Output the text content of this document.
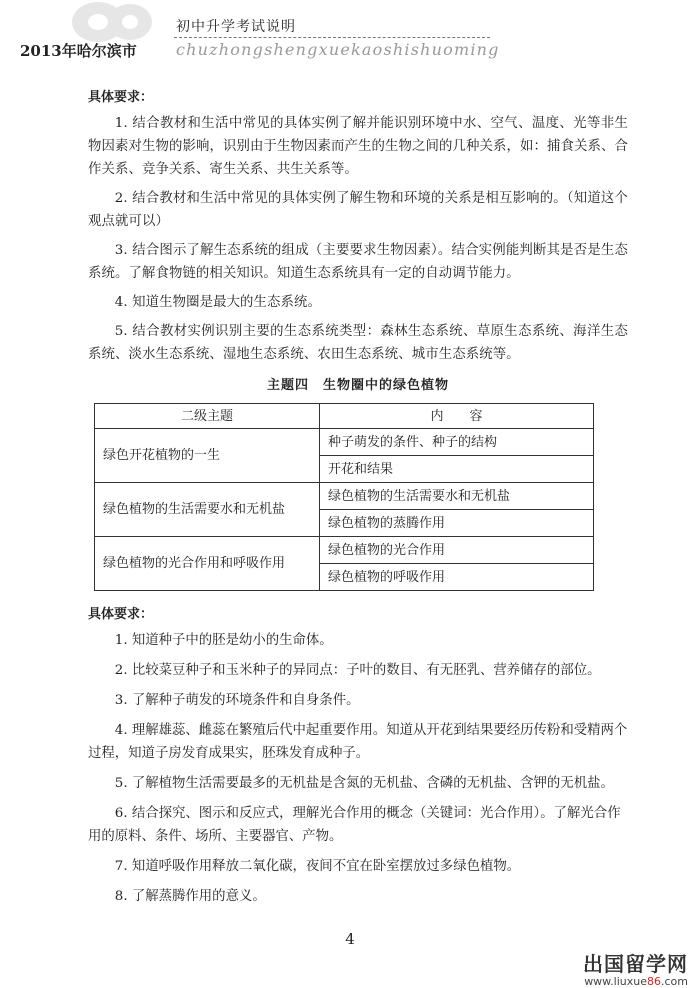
2013年哈尔滨市
初中升学考试说明
chuzhongshengxuekaoshishuoming
具体要求：

1. 结合教材和生活中常见的具体实例了解并能识别环境中水、空气、温度、光等非生物因素对生物的影响，识别由于生物因素而产生的生物之间的几种关系，如：捕食关系、合作关系、竞争关系、寄生关系、共生关系等。

2. 结合教材和生活中常见的具体实例了解生物和环境的关系是相互影响的。（知道这个观点就可以）

3. 结合图示了解生态系统的组成（主要要求生物因素）。结合实例能判断其是否是生态系统。了解食物链的相关知识。知道生态系统具有一定的自动调节能力。

4. 知道生物圈是最大的生态系统。

5. 结合教材实例识别主要的生态系统类型：森林生态系统、草原生态系统、海洋生态系统、淡水生态系统、湿地生态系统、农田生态系统、城市生态系统等。

主题四　生物圈中的绿色植物
二级主题	内　　容
绿色开花植物的一生	种子萌发的条件、种子的结构
	开花和结果
绿色植物的生活需要水和无机盐	绿色植物的生活需要水和无机盐
	绿色植物的蒸腾作用
绿色植物的光合作用和呼吸作用	绿色植物的光合作用
	绿色植物的呼吸作用
具体要求：

1. 知道种子中的胚是幼小的生命体。

2. 比较菜豆种子和玉米种子的异同点：子叶的数目、有无胚乳、营养储存的部位。

3. 了解种子萌发的环境条件和自身条件。

4. 理解雄蕊、雌蕊在繁殖后代中起重要作用。知道从开花到结果要经历传粉和受精两个过程，知道子房发育成果实，胚珠发育成种子。

5. 了解植物生活需要最多的无机盐是含氮的无机盐、含磷的无机盐、含钾的无机盐。

6. 结合探究、图示和反应式，理解光合作用的概念（关键词：光合作用）。了解光合作用的原料、条件、场所、主要器官、产物。

7. 知道呼吸作用释放二氧化碳，夜间不宜在卧室摆放过多绿色植物。

8. 了解蒸腾作用的意义。

4
出国留学网
www.liuxue86.com
